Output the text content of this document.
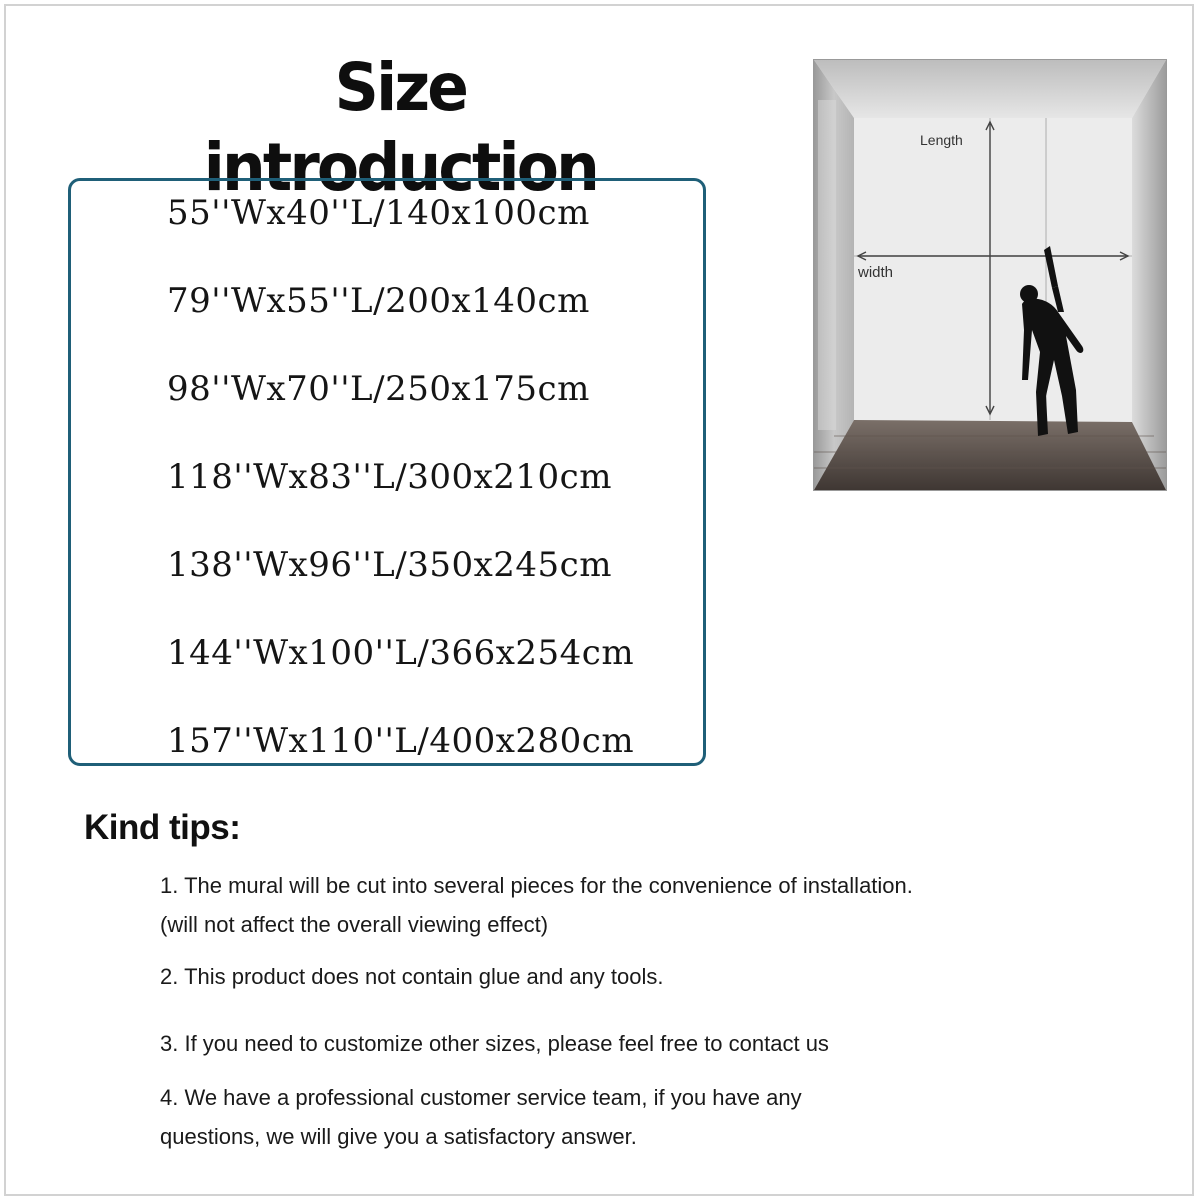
Size introduction
55''Wx40''L/140x100cm
79''Wx55''L/200x140cm
98''Wx70''L/250x175cm
118''Wx83''L/300x210cm
138''Wx96''L/350x245cm
144''Wx100''L/366x254cm
157''Wx110''L/400x280cm
Length
width
Kind tips:
1. The mural will be cut into several pieces for the convenience of installation.
(will not affect the overall viewing effect)
2. This product does not contain glue and any tools.
3. If you need to customize other sizes, please feel free to contact us
4. We have a professional customer service team, if you have any
questions, we will give you a satisfactory answer.
